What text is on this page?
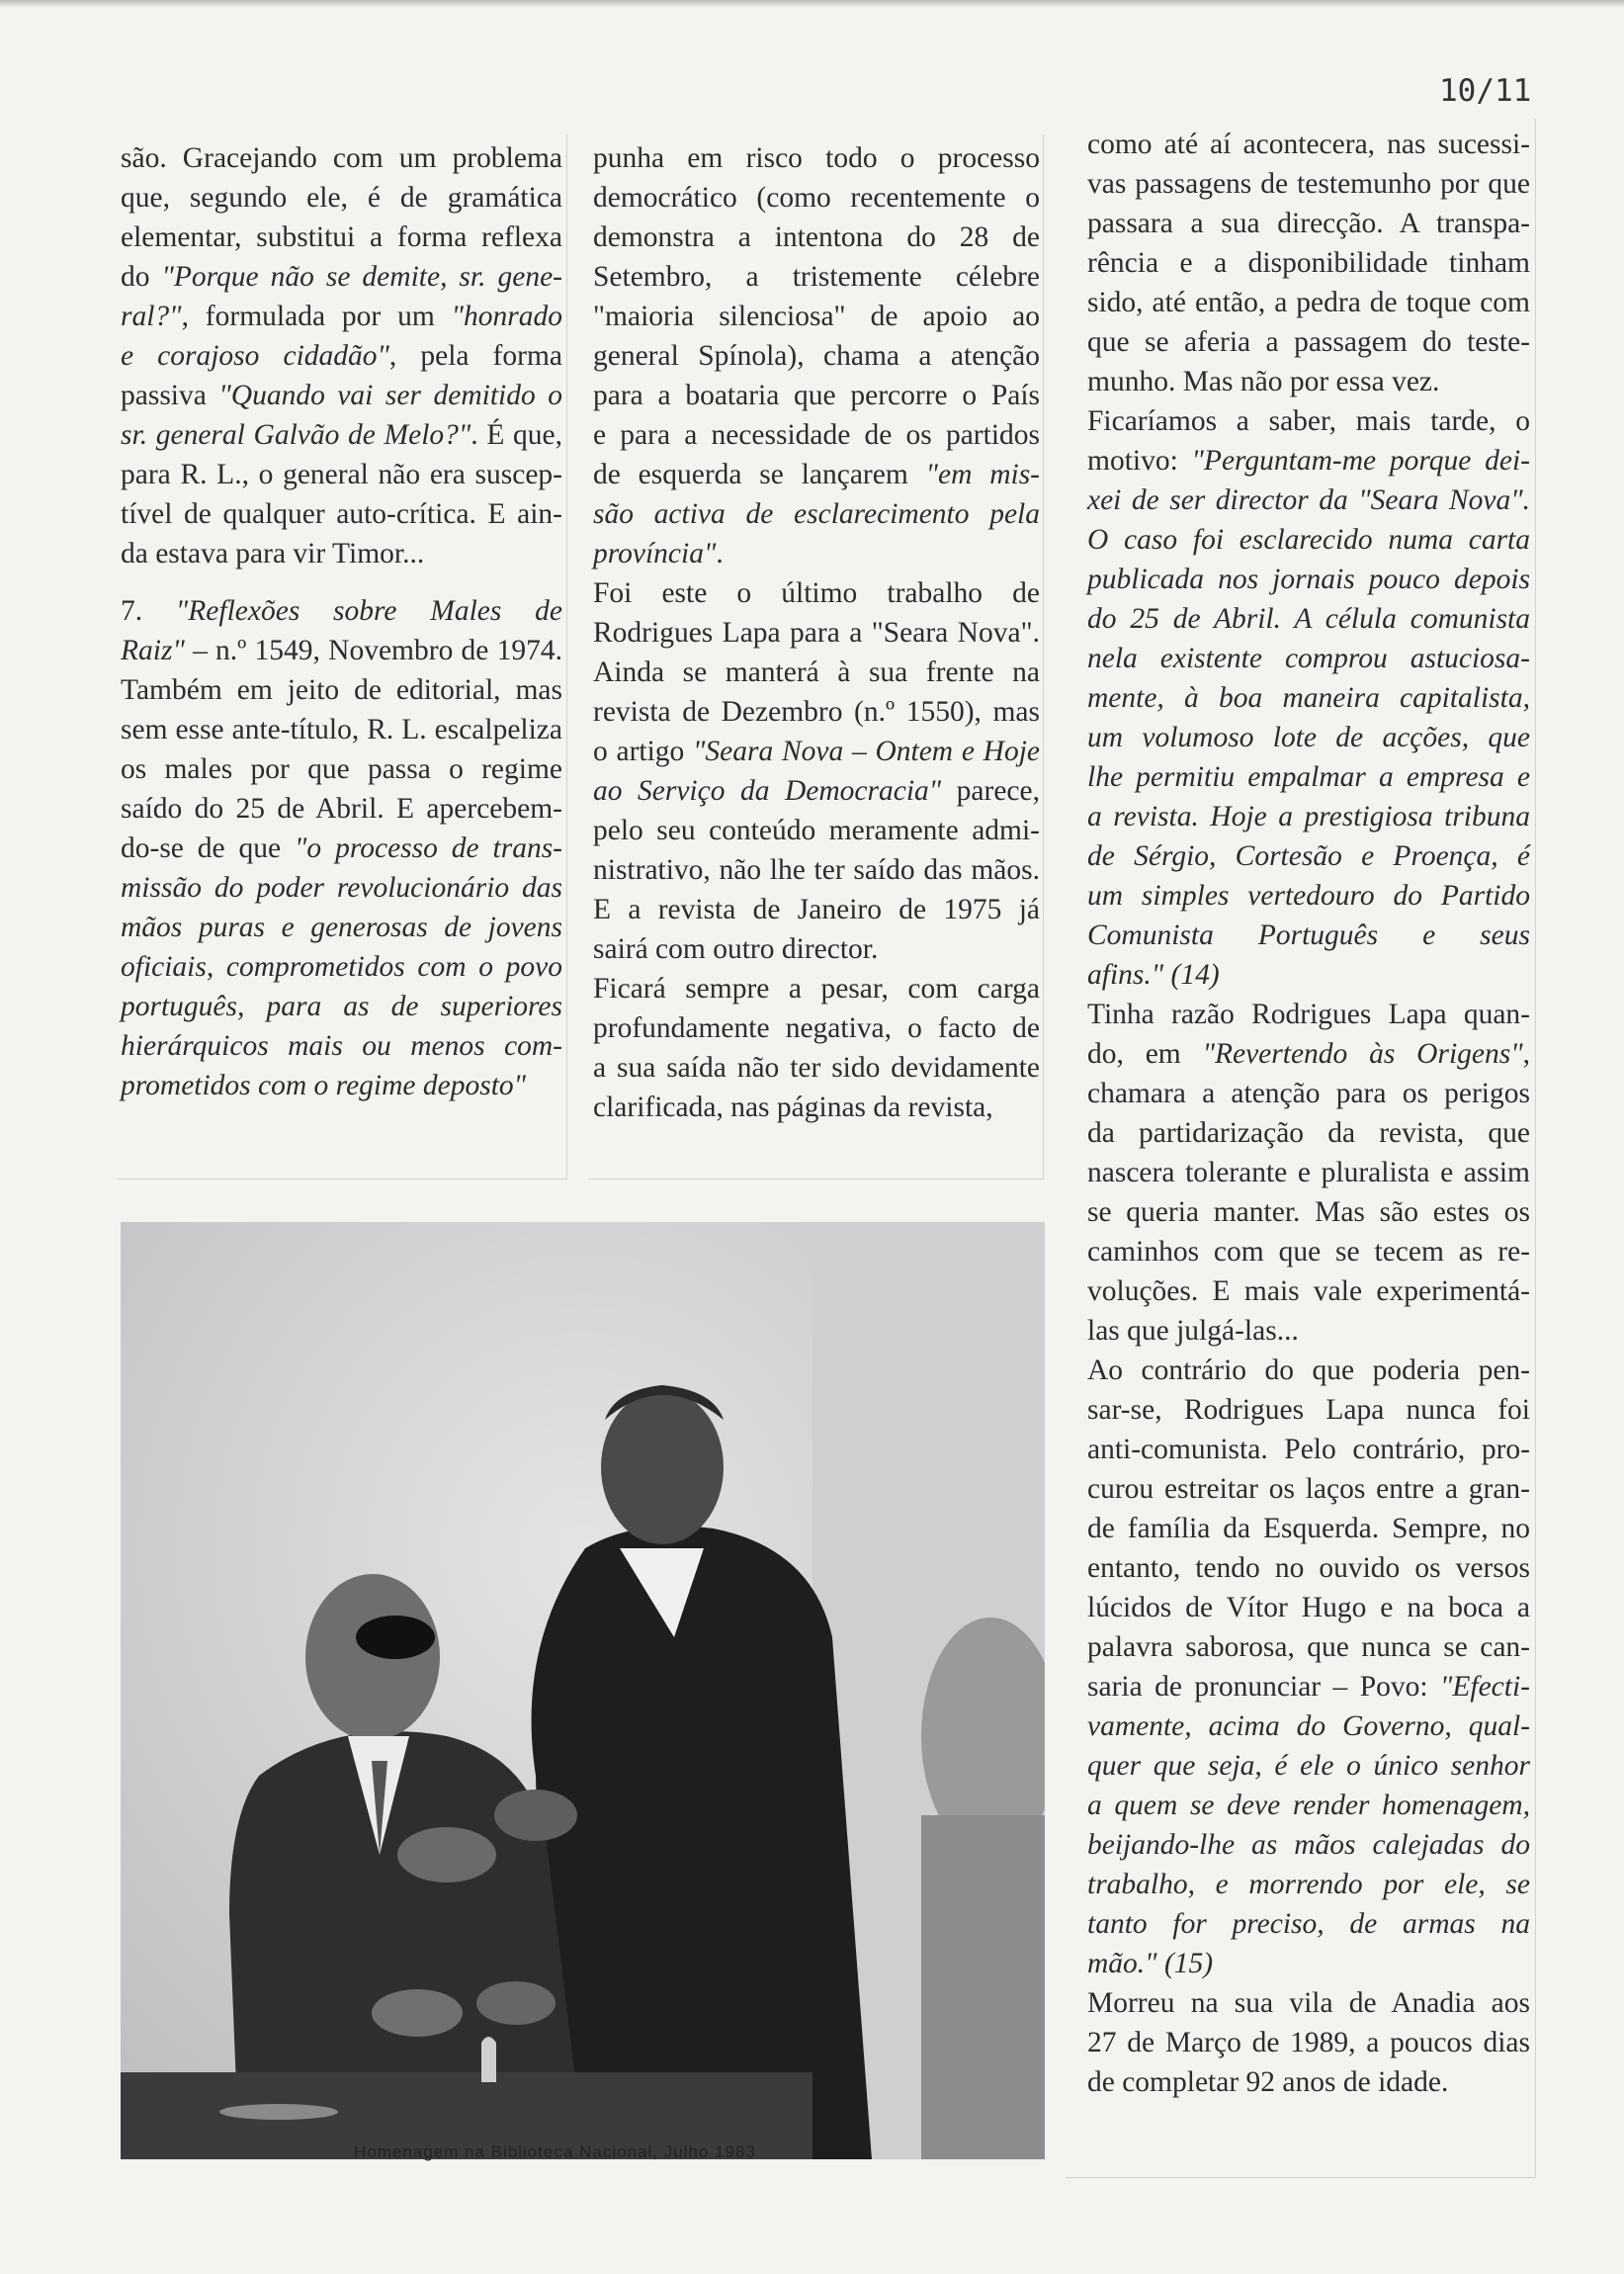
10/11

são. Gracejando com um problema

que, segundo ele, é de gramática

elementar, substitui a forma reflexa

do "Porque não se demite, sr. gene-

ral?", formulada por um "honrado

e corajoso cidadão", pela forma

passiva "Quando vai ser demitido o

sr. general Galvão de Melo?". É que,

para R. L., o general não era suscep-

tível de qualquer auto-crítica. E ain-

da estava para vir Timor...

7. "Reflexões sobre Males de

Raiz" – n.º 1549, Novembro de 1974.

Também em jeito de editorial, mas

sem esse ante-título, R. L. escalpeliza

os males por que passa o regime

saído do 25 de Abril. E apercebem-

do-se de que "o processo de trans-

missão do poder revolucionário das

mãos puras e generosas de jovens

oficiais, comprometidos com o povo

português, para as de superiores

hierárquicos mais ou menos com-

prometidos com o regime deposto"

punha em risco todo o processo

democrático (como recentemente o

demonstra a intentona do 28 de

Setembro, a tristemente célebre

"maioria silenciosa" de apoio ao

general Spínola), chama a atenção

para a boataria que percorre o País

e para a necessidade de os partidos

de esquerda se lançarem "em mis-

são activa de esclarecimento pela

província".

Foi este o último trabalho de

Rodrigues Lapa para a "Seara Nova".

Ainda se manterá à sua frente na

revista de Dezembro (n.º 1550), mas

o artigo "Seara Nova – Ontem e Hoje

ao Serviço da Democracia" parece,

pelo seu conteúdo meramente admi-

nistrativo, não lhe ter saído das mãos.

E a revista de Janeiro de 1975 já

sairá com outro director.

Ficará sempre a pesar, com carga

profundamente negativa, o facto de

a sua saída não ter sido devidamente

clarificada, nas páginas da revista,

como até aí acontecera, nas sucessi-

vas passagens de testemunho por que

passara a sua direcção. A transpa-

rência e a disponibilidade tinham

sido, até então, a pedra de toque com

que se aferia a passagem do teste-

munho. Mas não por essa vez.

Ficaríamos a saber, mais tarde, o

motivo: "Perguntam-me porque dei-

xei de ser director da "Seara Nova".

O caso foi esclarecido numa carta

publicada nos jornais pouco depois

do 25 de Abril. A célula comunista

nela existente comprou astuciosa-

mente, à boa maneira capitalista,

um volumoso lote de acções, que

lhe permitiu empalmar a empresa e

a revista. Hoje a prestigiosa tribuna

de Sérgio, Cortesão e Proença, é

um simples vertedouro do Partido

Comunista Português e seus

afins." (14)

Tinha razão Rodrigues Lapa quan-

do, em "Revertendo às Origens",

chamara a atenção para os perigos

da partidarização da revista, que

nascera tolerante e pluralista e assim

se queria manter. Mas são estes os

caminhos com que se tecem as re-

voluções. E mais vale experimentá-

las que julgá-las...

Ao contrário do que poderia pen-

sar-se, Rodrigues Lapa nunca foi

anti-comunista. Pelo contrário, pro-

curou estreitar os laços entre a gran-

de família da Esquerda. Sempre, no

entanto, tendo no ouvido os versos

lúcidos de Vítor Hugo e na boca a

palavra saborosa, que nunca se can-

saria de pronunciar – Povo: "Efecti-

vamente, acima do Governo, qual-

quer que seja, é ele o único senhor

a quem se deve render homenagem,

beijando-lhe as mãos calejadas do

trabalho, e morrendo por ele, se

tanto for preciso, de armas na

mão." (15)

Morreu na sua vila de Anadia aos

27 de Março de 1989, a poucos dias

de completar 92 anos de idade.

Homenagem na Biblioteca Nacional, Julho 1983
